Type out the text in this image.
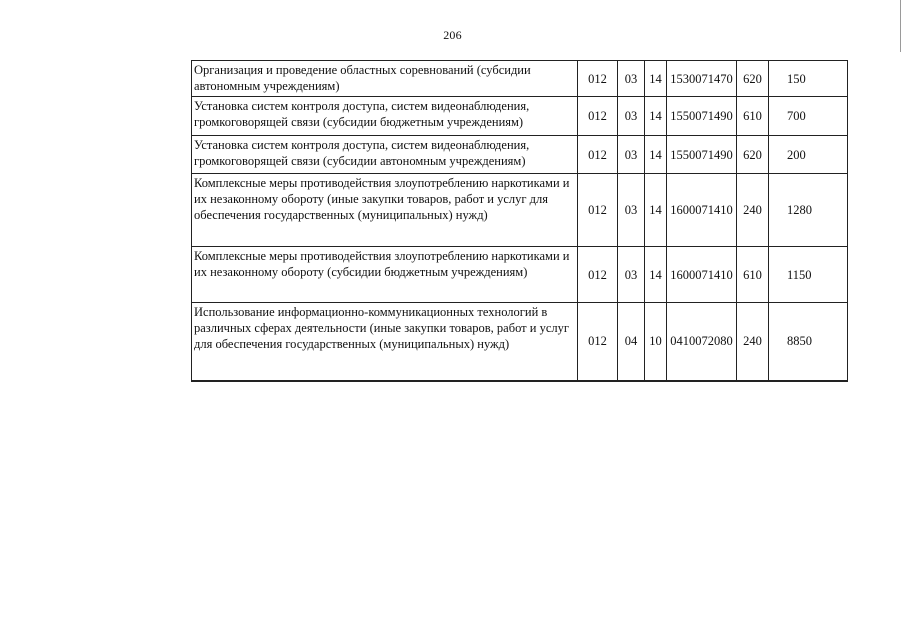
206
Организация и проведение областных соревнований (субсидии автономным учреждениям)	012	03	14	1530071470	620	150
Установка систем контроля доступа, систем видеонаблюдения, громкоговорящей связи (субсидии бюджетным учреждениям)	012	03	14	1550071490	610	700
Установка систем контроля доступа, систем видеонаблюдения, громкоговорящей связи (субсидии автономным учреждениям)	012	03	14	1550071490	620	200
Комплексные меры противодействия злоупотреблению наркотиками и их незаконному обороту (иные закупки товаров, работ и услуг для обеспечения государственных (муниципальных) нужд)	012	03	14	1600071410	240	1280
Комплексные меры противодействия злоупотреблению наркотиками и их незаконному обороту (субсидии бюджетным учреждениям)	012	03	14	1600071410	610	1150
Использование информационно-коммуникационных технологий в различных сферах деятельности (иные закупки товаров, работ и услуг для обеспечения государственных (муниципальных) нужд)	012	04	10	0410072080	240	8850
